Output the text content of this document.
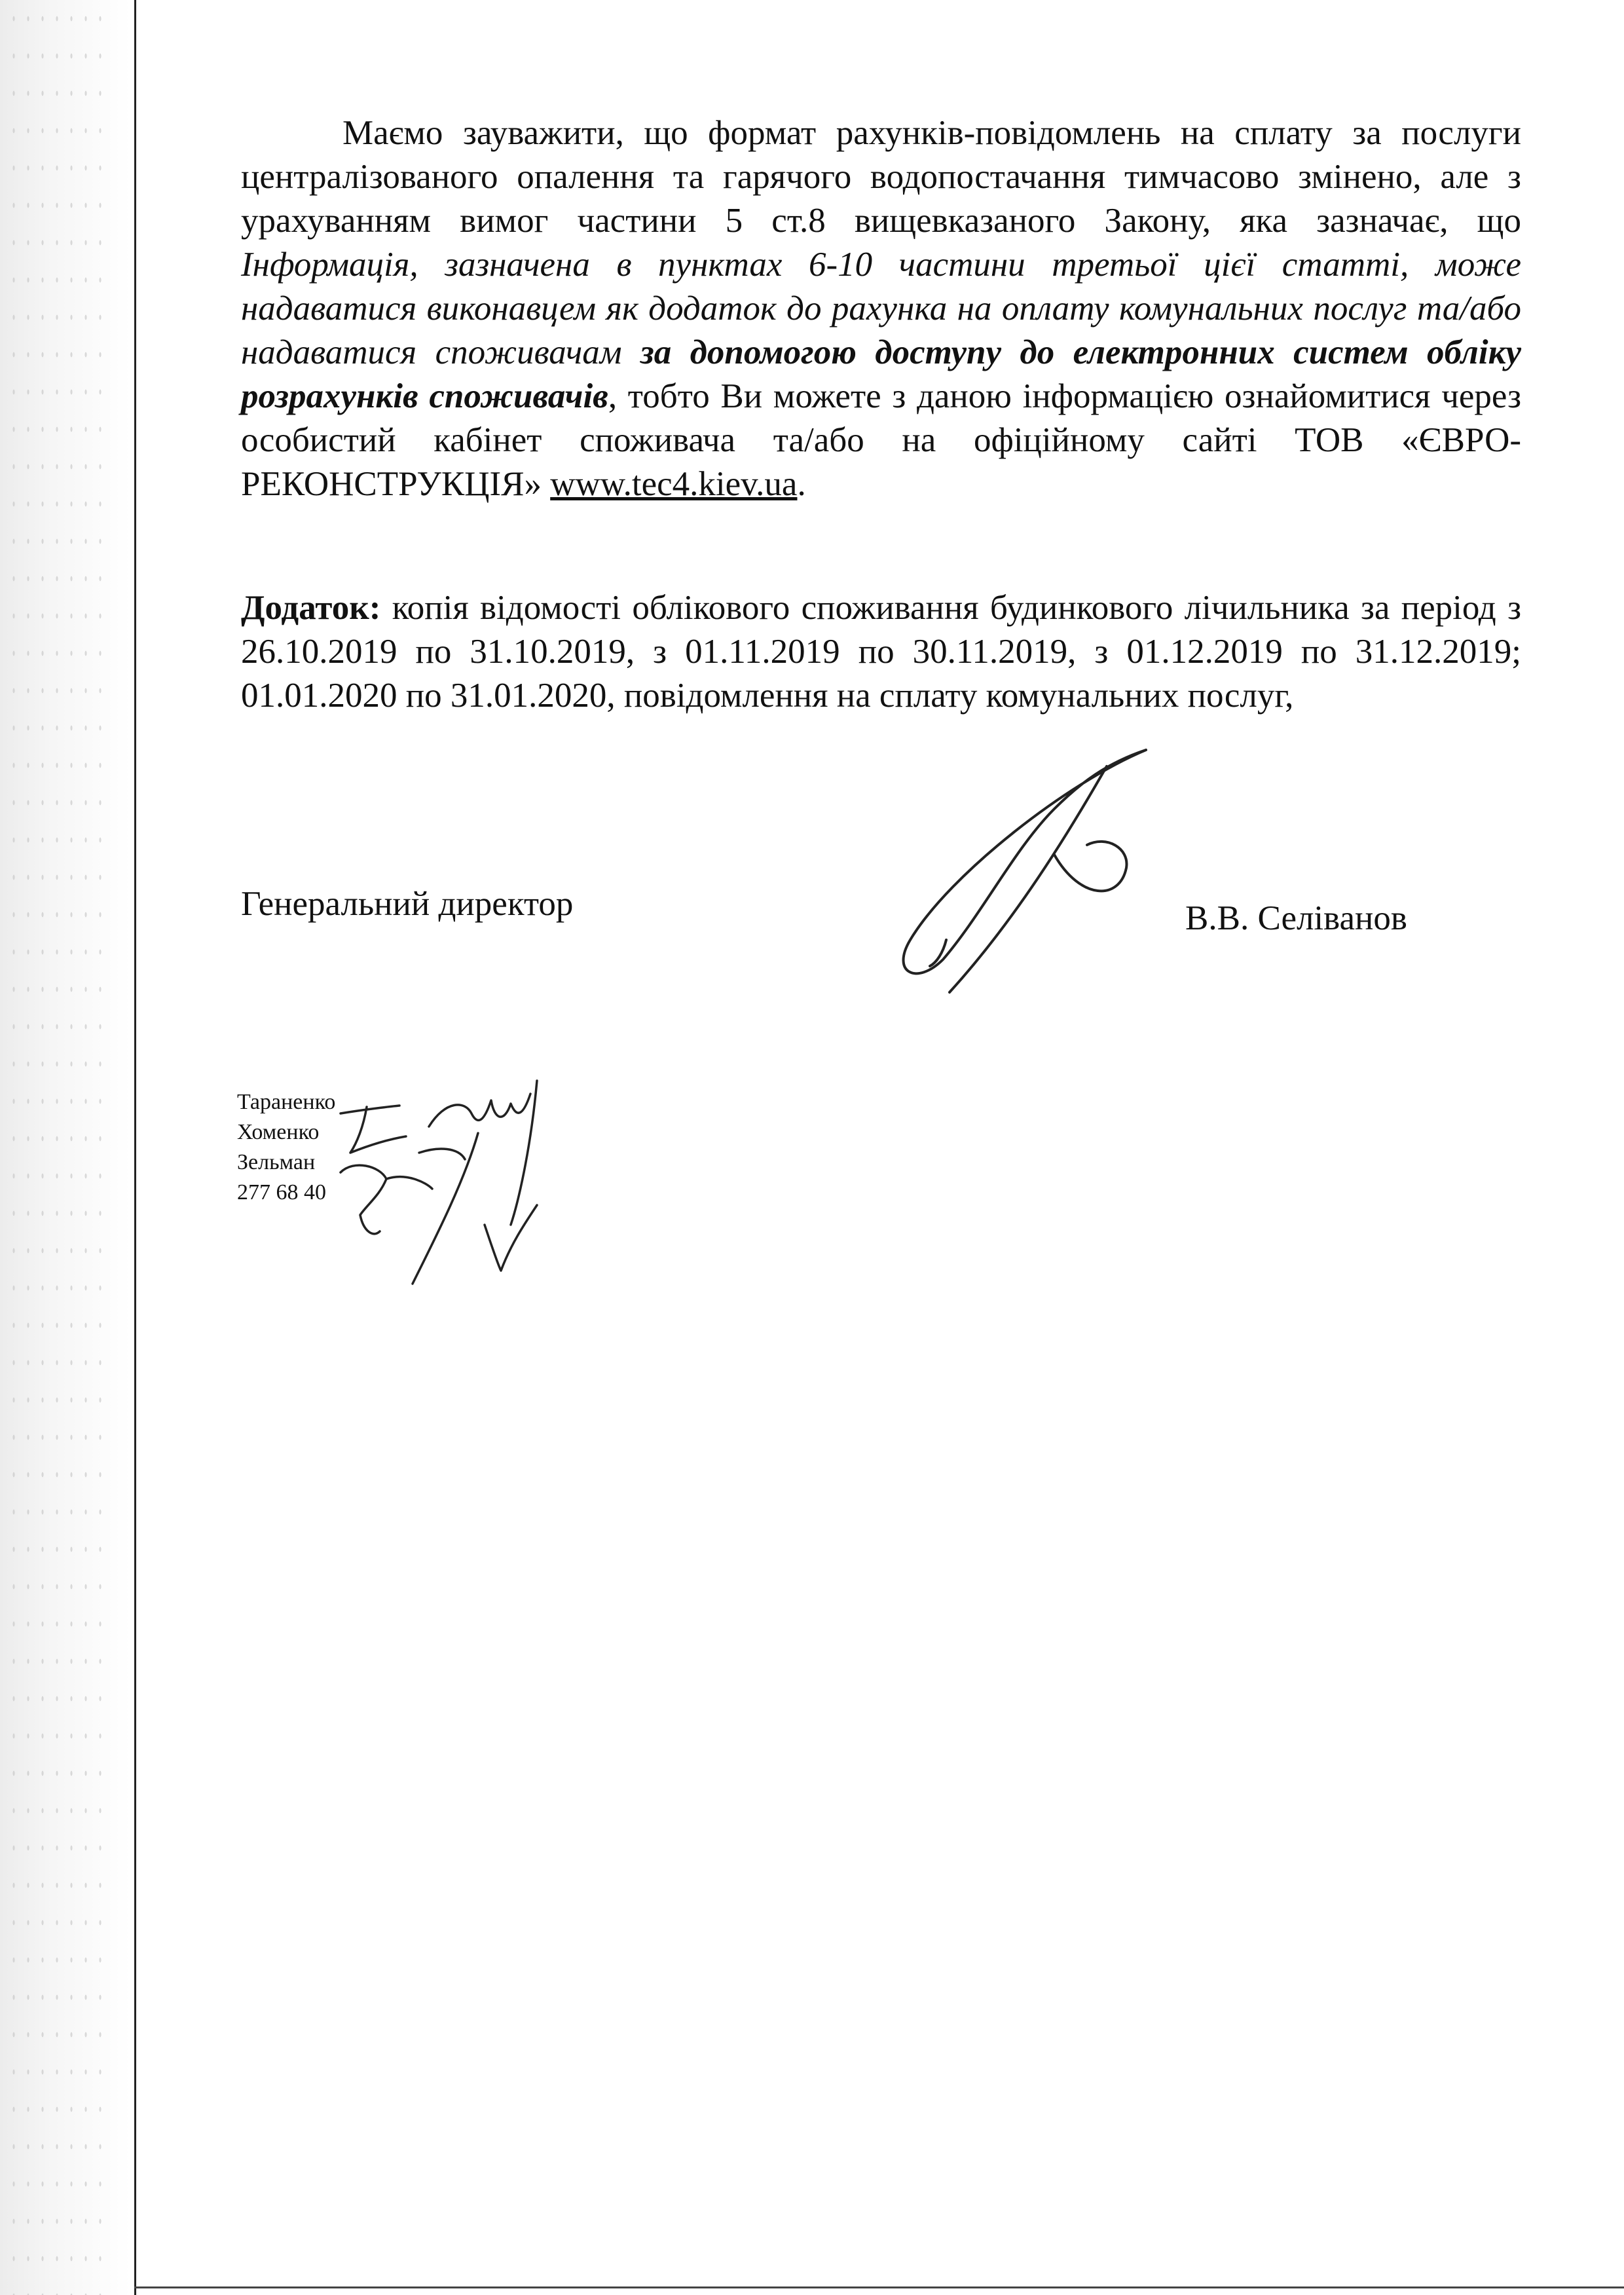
Маємо зауважити, що формат рахунків-повідомлень на сплату за послуги централізованого опалення та гарячого водопостачання тимчасово змінено, але з урахуванням вимог частини 5 ст.8 вищевказаного Закону, яка зазначає, що Інформація, зазначена в пунктах 6-10 частини третьої цієї статті, може надаватися виконавцем як додаток до рахунка на оплату комунальних послуг та/або надаватися споживачам за допомогою доступу до електронних систем обліку розрахунків споживачів, тобто Ви можете з даною інформацією ознайомитися через особистий кабінет споживача та/або на офіційному сайті ТОВ «ЄВРО-РЕКОНСТРУКЦІЯ» www.tec4.kiev.ua.

Додаток: копія відомості облікового споживання будинкового лічильника за період з 26.10.2019 по 31.10.2019, з 01.11.2019 по 30.11.2019, з 01.12.2019 по 31.12.2019; 01.01.2020 по 31.01.2020, повідомлення на сплату комунальних послуг,

Генеральний директор	В.В. Селіванов
Тараненко
Хоменко
Зельман
277 68 40
